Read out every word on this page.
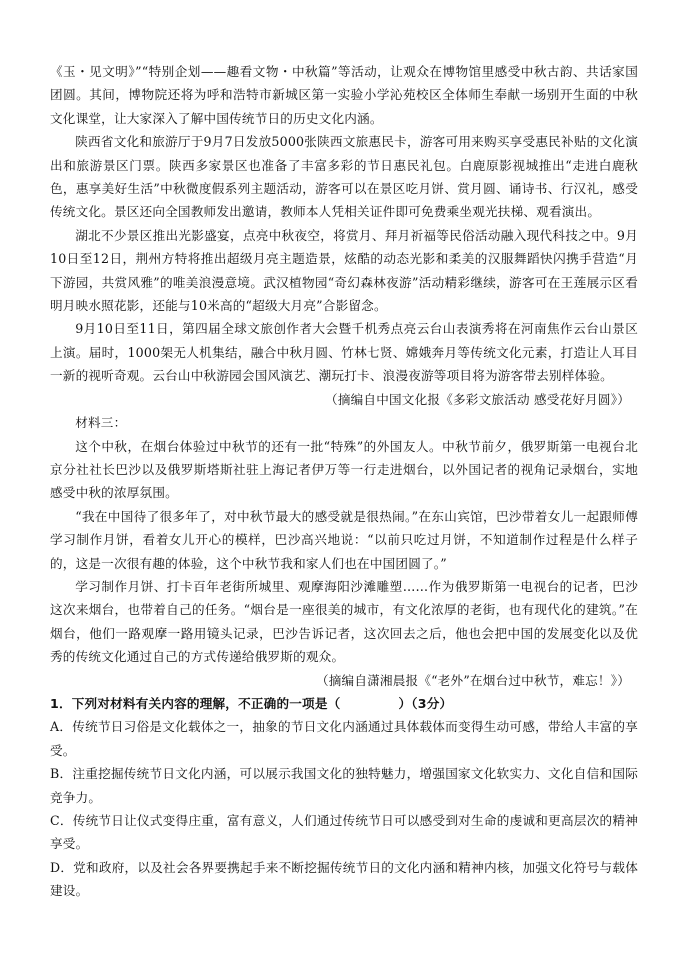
《玉・见文明》”“特别企划——趣看文物・中秋篇”等活动，让观众在博物馆里感受中秋古韵、共话家国团圆。其间，博物院还将为呼和浩特市新城区第一实验小学沁苑校区全体师生奉献一场别开生面的中秋文化课堂，让大家深入了解中国传统节日的历史文化内涵。

陕西省文化和旅游厅于9月7日发放5000张陕西文旅惠民卡，游客可用来购买享受惠民补贴的文化演出和旅游景区门票。陕西多家景区也准备了丰富多彩的节日惠民礼包。白鹿原影视城推出“走进白鹿秋色，惠享美好生活”中秋微度假系列主题活动，游客可以在景区吃月饼、赏月圆、诵诗书、行汉礼，感受传统文化。景区还向全国教师发出邀请，教师本人凭相关证件即可免费乘坐观光扶梯、观看演出。

湖北不少景区推出光影盛宴，点亮中秋夜空，将赏月、拜月祈福等民俗活动融入现代科技之中。9月10日至12日，荆州方特将推出超级月亮主题造景，炫酷的动态光影和柔美的汉服舞蹈快闪携手营造“月下游园，共赏风雅”的唯美浪漫意境。武汉植物园“奇幻森林夜游”活动精彩继续，游客可在王莲展示区看明月映水照花影，还能与10米高的“超级大月亮”合影留念。

9月10日至11日，第四届全球文旅创作者大会暨千机秀点亮云台山表演秀将在河南焦作云台山景区上演。届时，1000架无人机集结，融合中秋月圆、竹林七贤、嫦娥奔月等传统文化元素，打造让人耳目一新的视听奇观。云台山中秋游园会国风演艺、潮玩打卡、浪漫夜游等项目将为游客带去别样体验。

（摘编自中国文化报《多彩文旅活动 感受花好月圆》）

材料三：

这个中秋，在烟台体验过中秋节的还有一批“特殊”的外国友人。中秋节前夕，俄罗斯第一电视台北京分社社长巴沙以及俄罗斯塔斯社驻上海记者伊万等一行走进烟台，以外国记者的视角记录烟台，实地感受中秋的浓厚氛围。

“我在中国待了很多年了，对中秋节最大的感受就是很热闹。”在东山宾馆，巴沙带着女儿一起跟师傅学习制作月饼，看着女儿开心的模样，巴沙高兴地说：“以前只吃过月饼，不知道制作过程是什么样子的，这是一次很有趣的体验，这个中秋节我和家人们也在中国团圆了。”

学习制作月饼、打卡百年老街所城里、观摩海阳沙滩雕塑……作为俄罗斯第一电视台的记者，巴沙这次来烟台，也带着自己的任务。“烟台是一座很美的城市，有文化浓厚的老街，也有现代化的建筑。”在烟台，他们一路观摩一路用镜头记录，巴沙告诉记者，这次回去之后，他也会把中国的发展变化以及优秀的传统文化通过自己的方式传递给俄罗斯的观众。

（摘编自潇湘晨报《“老外”在烟台过中秋节，难忘！》）

1．下列对材料有关内容的理解，不正确的一项是（	）（3分）

A．传统节日习俗是文化载体之一，抽象的节日文化内涵通过具体载体而变得生动可感，带给人丰富的享受。

B．注重挖掘传统节日文化内涵，可以展示我国文化的独特魅力，增强国家文化软实力、文化自信和国际竞争力。

C．传统节日让仪式变得庄重，富有意义，人们通过传统节日可以感受到对生命的虔诚和更高层次的精神享受。

D．党和政府，以及社会各界要携起手来不断挖掘传统节日的文化内涵和精神内核，加强文化符号与载体建设。
